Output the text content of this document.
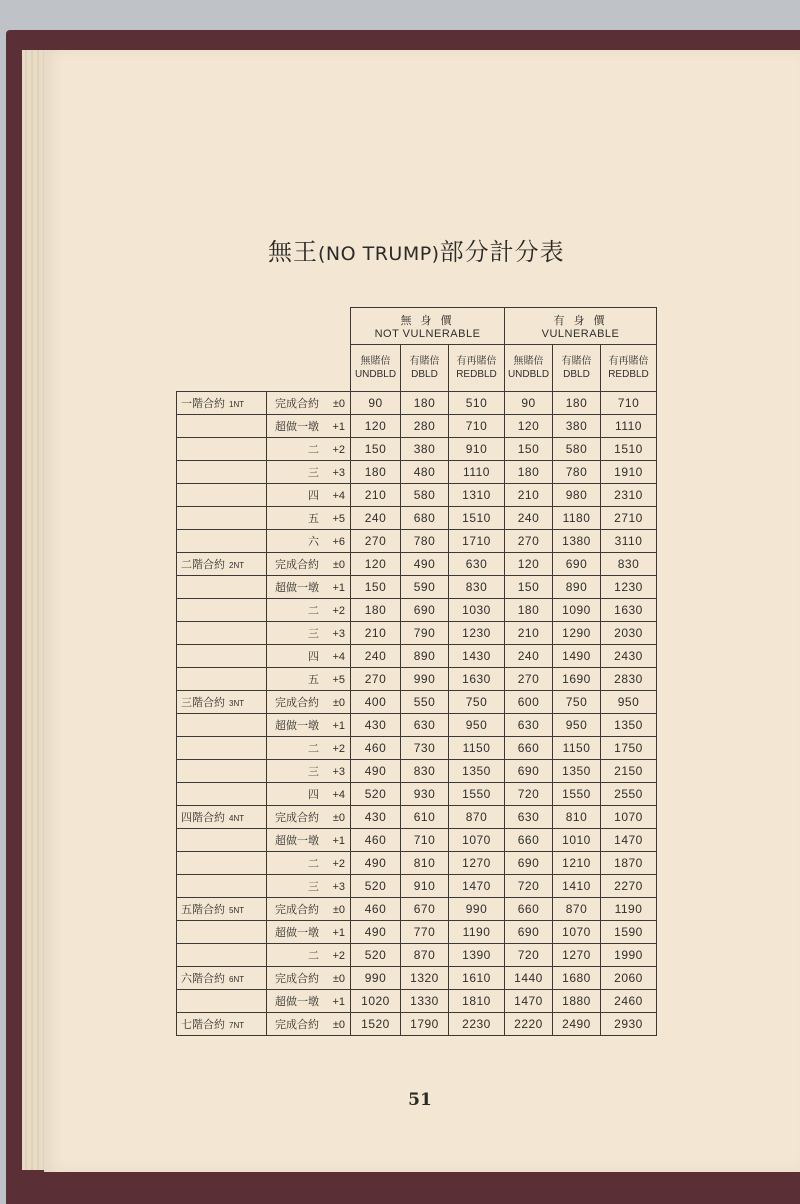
無王(NO TRUMP)部分計分表

		無 身 價
NOT VULNERABLE			有 身 價
VULNERABLE		

		無賭倍
UNDBLD	有賭倍
DBLD	有再賭倍
REDBLD	無賭倍
UNDBLD	有賭倍
DBLD	有再賭倍
REDBLD

一階合約 1NT	完成合約 ±0	90	180	510	90	180	710
	超做一墩 +1	120	280	710	120	380	1110
	二 +2	150	380	910	150	580	1510
	三 +3	180	480	1110	180	780	1910
	四 +4	210	580	1310	210	980	2310
	五 +5	240	680	1510	240	1180	2710
	六 +6	270	780	1710	270	1380	3110
二階合約 2NT	完成合約 ±0	120	490	630	120	690	830
	超做一墩 +1	150	590	830	150	890	1230
	二 +2	180	690	1030	180	1090	1630
	三 +3	210	790	1230	210	1290	2030
	四 +4	240	890	1430	240	1490	2430
	五 +5	270	990	1630	270	1690	2830
三階合約 3NT	完成合約 ±0	400	550	750	600	750	950
	超做一墩 +1	430	630	950	630	950	1350
	二 +2	460	730	1150	660	1150	1750
	三 +3	490	830	1350	690	1350	2150
	四 +4	520	930	1550	720	1550	2550
四階合約 4NT	完成合約 ±0	430	610	870	630	810	1070
	超做一墩 +1	460	710	1070	660	1010	1470
	二 +2	490	810	1270	690	1210	1870
	三 +3	520	910	1470	720	1410	2270
五階合約 5NT	完成合約 ±0	460	670	990	660	870	1190
	超做一墩 +1	490	770	1190	690	1070	1590
	二 +2	520	870	1390	720	1270	1990
六階合約 6NT	完成合約 ±0	990	1320	1610	1440	1680	2060
	超做一墩 +1	1020	1330	1810	1470	1880	2460
七階合約 7NT	完成合約 ±0	1520	1790	2230	2220	2490	2930
51
